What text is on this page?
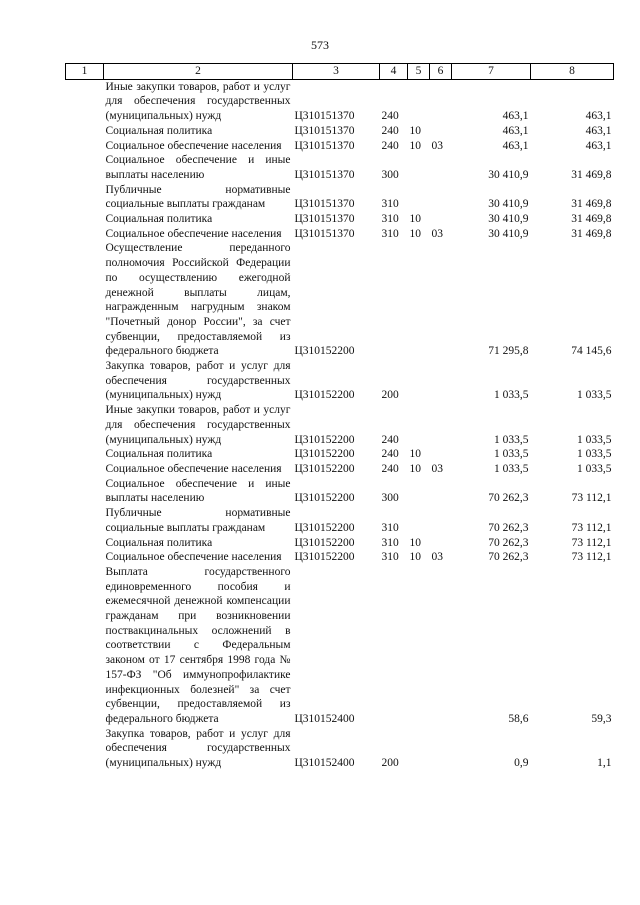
573
1	2	3	4	5	6	7	8
	Иные закупки товаров, работ и услуг для обеспечения государственных (муниципальных) нужд	Ц310151370	240			463,1	463,1
	Социальная политика	Ц310151370	240	10		463,1	463,1
	Социальное обеспечение населения	Ц310151370	240	10	03	463,1	463,1
	Социальное обеспечение и иные выплаты населению	Ц310151370	300			30 410,9	31 469,8
	Публичные нормативные социальные выплаты гражданам	Ц310151370	310			30 410,9	31 469,8
	Социальная политика	Ц310151370	310	10		30 410,9	31 469,8
	Социальное обеспечение населения	Ц310151370	310	10	03	30 410,9	31 469,8
	Осуществление переданного полномочия Российской Федерации по осуществлению ежегодной денежной выплаты лицам, награжденным нагрудным знаком "Почетный донор России", за счет субвенции, предоставляемой из федерального бюджета	Ц310152200				71 295,8	74 145,6
	Закупка товаров, работ и услуг для обеспечения государственных (муниципальных) нужд	Ц310152200	200			1 033,5	1 033,5
	Иные закупки товаров, работ и услуг для обеспечения государственных (муниципальных) нужд	Ц310152200	240			1 033,5	1 033,5
	Социальная политика	Ц310152200	240	10		1 033,5	1 033,5
	Социальное обеспечение населения	Ц310152200	240	10	03	1 033,5	1 033,5
	Социальное обеспечение и иные выплаты населению	Ц310152200	300			70 262,3	73 112,1
	Публичные нормативные социальные выплаты гражданам	Ц310152200	310			70 262,3	73 112,1
	Социальная политика	Ц310152200	310	10		70 262,3	73 112,1
	Социальное обеспечение населения	Ц310152200	310	10	03	70 262,3	73 112,1
	Выплата государственного единовременного пособия и ежемесячной денежной компенсации гражданам при возникновении поствакцинальных осложнений в соответствии с Федеральным законом от 17 сентября 1998 года № 157-ФЗ "Об иммунопрофилактике инфекционных болезней" за счет субвенции, предоставляемой из федерального бюджета	Ц310152400				58,6	59,3
	Закупка товаров, работ и услуг для обеспечения государственных (муниципальных) нужд	Ц310152400	200			0,9	1,1
